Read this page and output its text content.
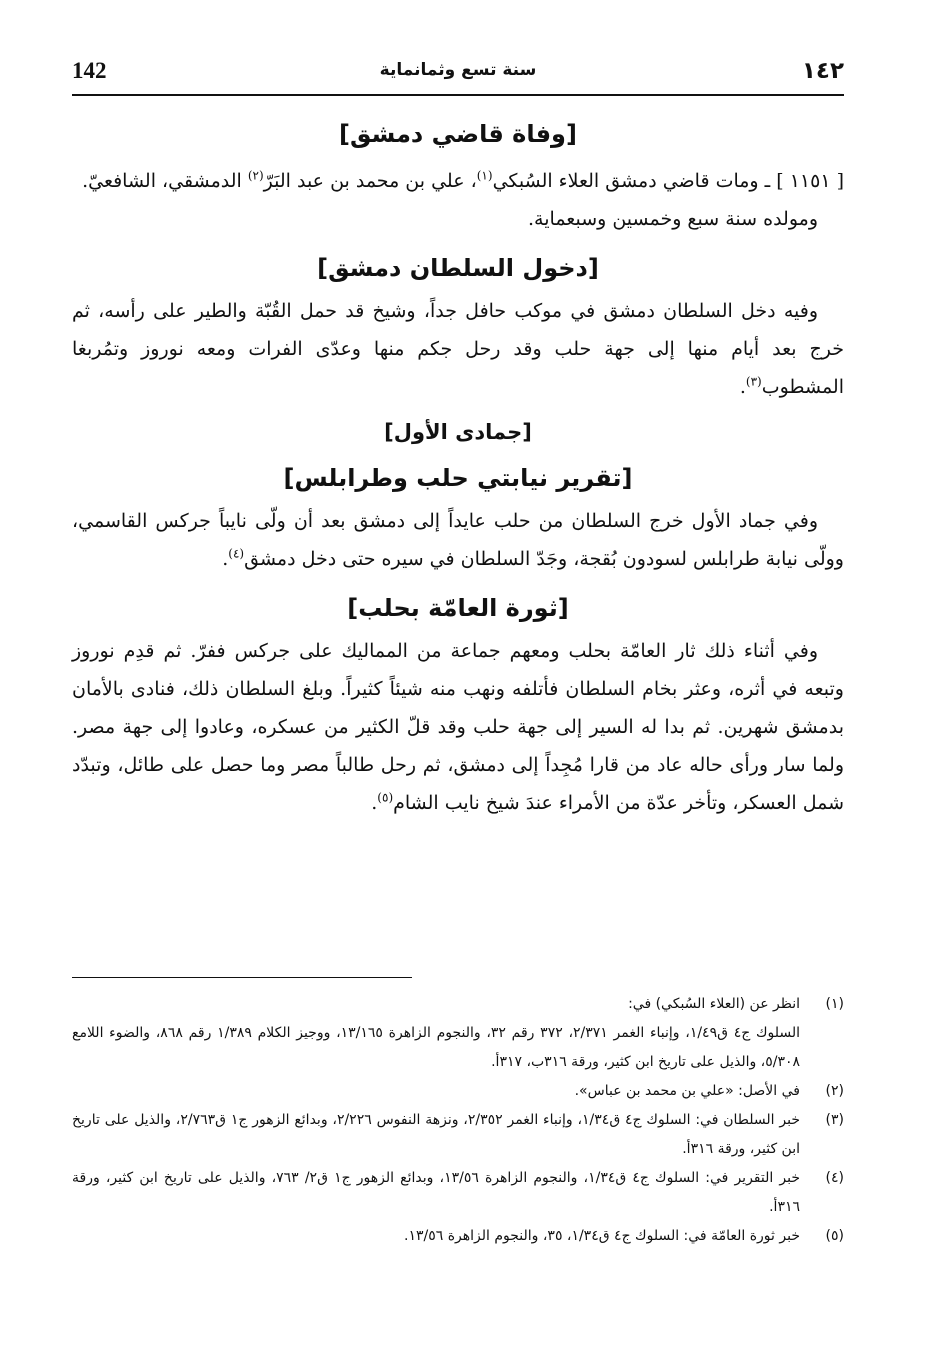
142	سنة تسع وثمانماية	١٤٢
[وفاة قاضي دمشق]

[ ١١٥١ ] ـ ومات قاضي دمشق العلاء السُبكي$^{(١)}$، علي بن محمد بن عبد البَرّ$^{(٢)}$ الدمشقي، الشافعيّ.

ومولده سنة سبع وخمسين وسبعماية.

[دخول السلطان دمشق]

وفيه دخل السلطان دمشق في موكب حافل جداً، وشيخ قد حمل القُبّة والطير على رأسه، ثم خرج بعد أيام منها إلى جهة حلب وقد رحل جكم منها وعدّى الفرات ومعه نوروز وتمُربغا المشطوب$^{(٣)}$.

[جمادى الأول]
[تقرير نيابتي حلب وطرابلس]

وفي جماد الأول خرج السلطان من حلب عايداً إلى دمشق بعد أن ولّى نايباً جركس القاسمي، وولّى نيابة طرابلس لسودون بُقجة، وجَدّ السلطان في سيره حتى دخل دمشق$^{(٤)}$.

[ثورة العامّة بحلب]

وفي أثناء ذلك ثار العامّة بحلب ومعهم جماعة من المماليك على جركس ففرّ. ثم قدِم نوروز وتبعه في أثره، وعثر بخام السلطان فأتلفه ونهب منه شيئاً كثيراً. وبلغ السلطان ذلك، فنادى بالأمان بدمشق شهرين. ثم بدا له السير إلى جهة حلب وقد قلّ الكثير من عسكره، وعادوا إلى جهة مصر. ولما سار ورأى حاله عاد من قارا مُجِداً إلى دمشق، ثم رحل طالباً مصر وما حصل على طائل، وتبدّد شمل العسكر، وتأخر عدّة من الأمراء عندَ شيخ نايب الشام$^{(٥)}$.

(١)
انظر عن (العلاء السُبكي) في:
السلوك ج٤ ق١/٤٩، وإنباء الغمر ٢/٣٧١، ٣٧٢ رقم ٣٢، والنجوم الزاهرة ١٣/١٦٥، ووجيز الكلام ١/٣٨٩ رقم ٨٦٨، والضوء اللامع ٥/٣٠٨، والذيل على تاريخ ابن كثير، ورقة ٣١٦ب، ٣١٧أ.
(٢)
في الأصل: «علي بن محمد بن عباس».
(٣)
خبر السلطان في: السلوك ج٤ ق١/٣٤، وإنباء الغمر ٢/٣٥٢، ونزهة النفوس ٢/٢٢٦، وبدائع الزهور ج١ ق٢/٧٦٣، والذيل على تاريخ ابن كثير، ورقة ٣١٦أ.
(٤)
خبر التقرير في: السلوك ج٤ ق١/٣٤، والنجوم الزاهرة ١٣/٥٦، وبدائع الزهور ج١ ق٢/ ٧٦٣، والذيل على تاريخ ابن كثير، ورقة ٣١٦أ.
(٥)
خبر ثورة العامّة في: السلوك ج٤ ق١/٣٤، ٣٥، والنجوم الزاهرة ١٣/٥٦.
